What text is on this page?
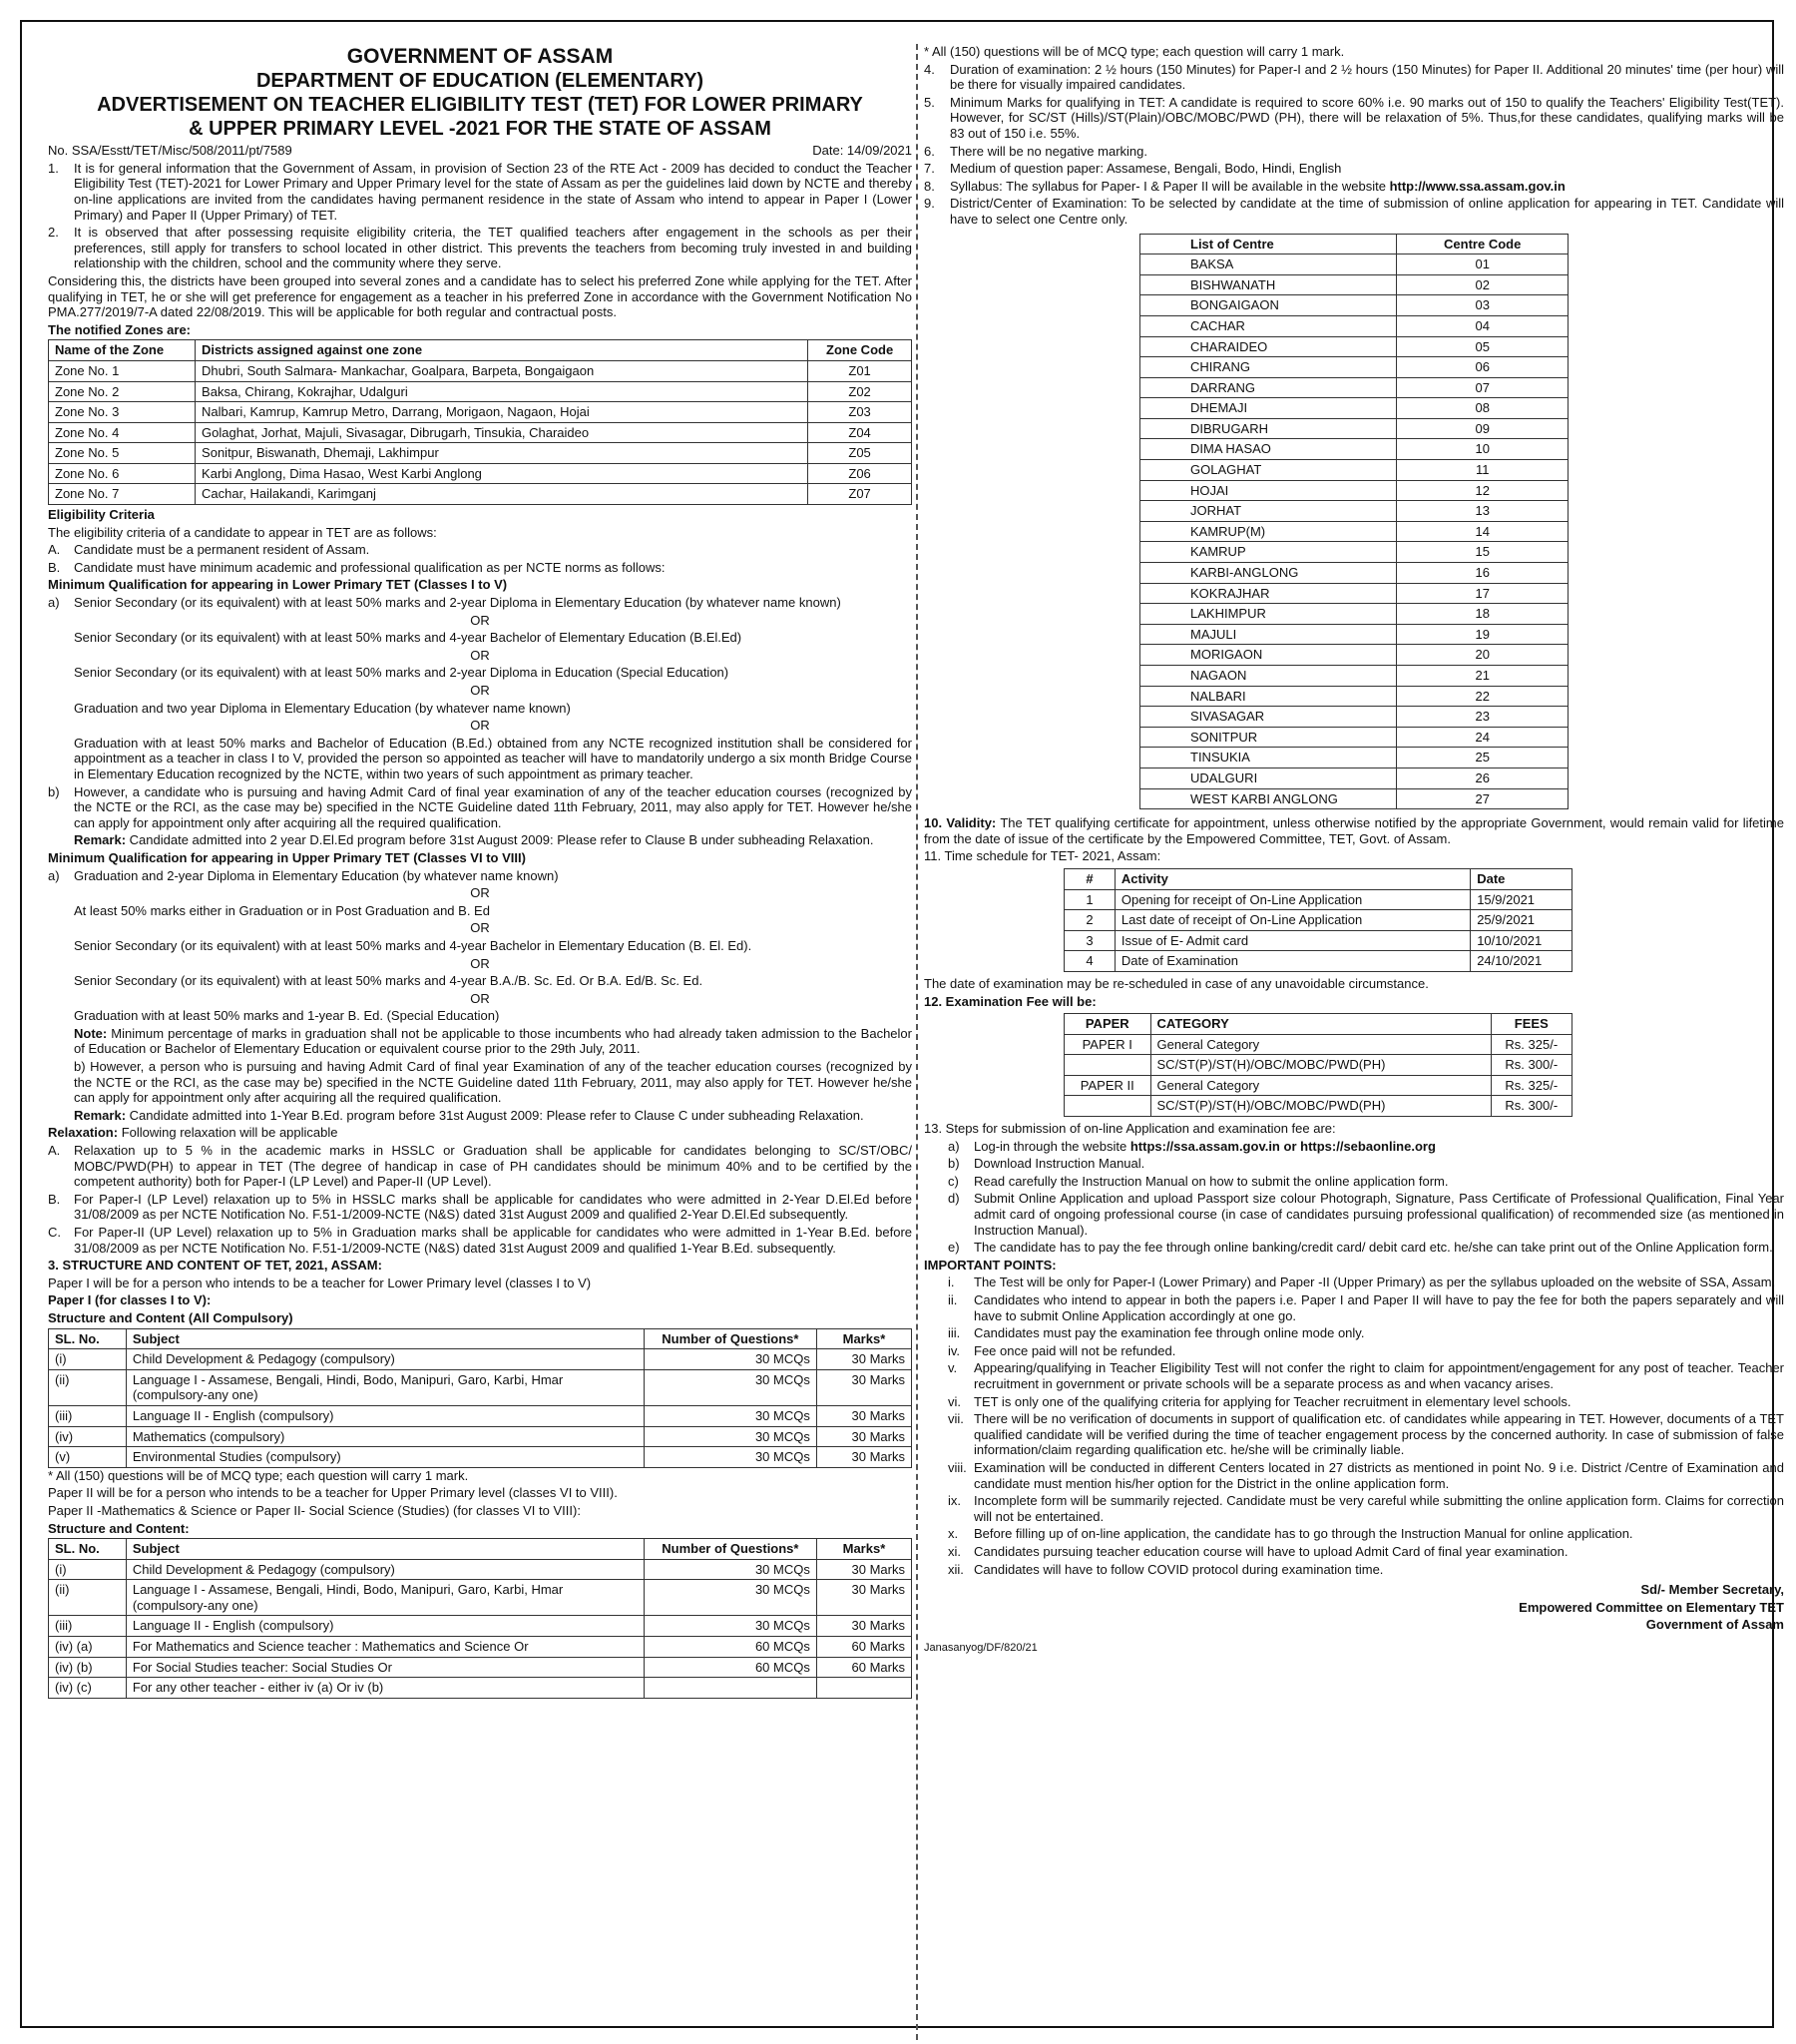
GOVERNMENT OF ASSAM

DEPARTMENT OF EDUCATION (ELEMENTARY)

ADVERTISEMENT ON TEACHER ELIGIBILITY TEST (TET) FOR LOWER PRIMARY

& UPPER PRIMARY LEVEL -2021 FOR THE STATE OF ASSAM

No. SSA/Esstt/TET/Misc/508/2011/pt/7589	Date: 14/09/2021
1.	It is for general information that the Government of Assam, in provision of Section 23 of the RTE Act - 2009 has decided to conduct the Teacher Eligibility Test (TET)-2021 for Lower Primary and Upper Primary level for the state of Assam as per the guidelines laid down by NCTE and thereby on-line applications are invited from the candidates having permanent residence in the state of Assam who intend to appear in Paper I (Lower Primary) and Paper II (Upper Primary) of TET.
2.	It is observed that after possessing requisite eligibility criteria, the TET qualified teachers after engagement in the schools as per their preferences, still apply for transfers to school located in other district. This prevents the teachers from becoming truly invested in and building relationship with the children, school and the community where they serve.

Considering this, the districts have been grouped into several zones and a candidate has to select his preferred Zone while applying for the TET. After qualifying in TET, he or she will get preference for engagement as a teacher in his preferred Zone in accordance with the Government Notification No PMA.277/2019/7-A dated 22/08/2019. This will be applicable for both regular and contractual posts.

The notified Zones are:

Name of the Zone	Districts assigned against one zone	Zone Code
Zone No. 1	Dhubri, South Salmara- Mankachar, Goalpara, Barpeta, Bongaigaon	Z01
Zone No. 2	Baksa, Chirang, Kokrajhar, Udalguri	Z02
Zone No. 3	Nalbari, Kamrup, Kamrup Metro, Darrang, Morigaon, Nagaon, Hojai	Z03
Zone No. 4	Golaghat, Jorhat, Majuli, Sivasagar, Dibrugarh, Tinsukia, Charaideo	Z04
Zone No. 5	Sonitpur, Biswanath, Dhemaji, Lakhimpur	Z05
Zone No. 6	Karbi Anglong, Dima Hasao, West Karbi Anglong	Z06
Zone No. 7	Cachar, Hailakandi, Karimganj	Z07

Eligibility Criteria

The eligibility criteria of a candidate to appear in TET are as follows:

A.	Candidate must be a permanent resident of Assam.
B.	Candidate must have minimum academic and professional qualification as per NCTE norms as follows:

Minimum Qualification for appearing in Lower Primary TET (Classes I to V)

a)	Senior Secondary (or its equivalent) with at least 50% marks and 2-year Diploma in Elementary Education (by whatever name known)

OR

Senior Secondary (or its equivalent) with at least 50% marks and 4-year Bachelor of Elementary Education (B.El.Ed)

OR

Senior Secondary (or its equivalent) with at least 50% marks and 2-year Diploma in Education (Special Education)

OR

Graduation and two year Diploma in Elementary Education (by whatever name known)

OR

Graduation with at least 50% marks and Bachelor of Education (B.Ed.) obtained from any NCTE recognized institution shall be considered for appointment as a teacher in class I to V, provided the person so appointed as teacher will have to mandatorily undergo a six month Bridge Course in Elementary Education recognized by the NCTE, within two years of such appointment as primary teacher.

b)	However, a candidate who is pursuing and having Admit Card of final year examination of any of the teacher education courses (recognized by the NCTE or the RCI, as the case may be) specified in the NCTE Guideline dated 11th February, 2011, may also apply for TET. However he/she can apply for appointment only after acquiring all the required qualification.

Remark: Candidate admitted into 2 year D.El.Ed program before 31st August 2009: Please refer to Clause B under subheading Relaxation.

Minimum Qualification for appearing in Upper Primary TET (Classes VI to VIII)

a)	Graduation and 2-year Diploma in Elementary Education (by whatever name known)

OR

At least 50% marks either in Graduation or in Post Graduation and B. Ed

OR

Senior Secondary (or its equivalent) with at least 50% marks and 4-year Bachelor in Elementary Education (B. El. Ed).

OR

Senior Secondary (or its equivalent) with at least 50% marks and 4-year B.A./B. Sc. Ed. Or B.A. Ed/B. Sc. Ed.

OR

Graduation with at least 50% marks and 1-year B. Ed. (Special Education)

Note: Minimum percentage of marks in graduation shall not be applicable to those incumbents who had already taken admission to the Bachelor of Education or Bachelor of Elementary Education or equivalent course prior to the 29th July, 2011.

b) However, a person who is pursuing and having Admit Card of final year Examination of any of the teacher education courses (recognized by the NCTE or the RCI, as the case may be) specified in the NCTE Guideline dated 11th February, 2011, may also apply for TET. However he/she can apply for appointment only after acquiring all the required qualification.

Remark: Candidate admitted into 1-Year B.Ed. program before 31st August 2009: Please refer to Clause C under subheading Relaxation.

Relaxation: Following relaxation will be applicable

A.	Relaxation up to 5 % in the academic marks in HSSLC or Graduation shall be applicable for candidates belonging to SC/ST/OBC/ MOBC/PWD(PH) to appear in TET (The degree of handicap in case of PH candidates should be minimum 40% and to be certified by the competent authority) both for Paper-I (LP Level) and Paper-II (UP Level).
B.	For Paper-I (LP Level) relaxation up to 5% in HSSLC marks shall be applicable for candidates who were admitted in 2-Year D.El.Ed before 31/08/2009 as per NCTE Notification No. F.51-1/2009-NCTE (N&S) dated 31st August 2009 and qualified 2-Year D.El.Ed subsequently.
C.	For Paper-II (UP Level) relaxation up to 5% in Graduation marks shall be applicable for candidates who were admitted in 1-Year B.Ed. before 31/08/2009 as per NCTE Notification No. F.51-1/2009-NCTE (N&S) dated 31st August 2009 and qualified 1-Year B.Ed. subsequently.

3. STRUCTURE AND CONTENT OF TET, 2021, ASSAM:

Paper I will be for a person who intends to be a teacher for Lower Primary level (classes I to V)

Paper I (for classes I to V):

Structure and Content (All Compulsory)

SL. No.	Subject	Number of Questions*	Marks*
(i)	Child Development & Pedagogy (compulsory)	30 MCQs	30 Marks
(ii)	Language I - Assamese, Bengali, Hindi, Bodo, Manipuri, Garo, Karbi, Hmar (compulsory-any one)	30 MCQs	30 Marks
(iii)	Language II - English (compulsory)	30 MCQs	30 Marks
(iv)	Mathematics (compulsory)	30 MCQs	30 Marks
(v)	Environmental Studies (compulsory)	30 MCQs	30 Marks

* All (150) questions will be of MCQ type; each question will carry 1 mark.

Paper II will be for a person who intends to be a teacher for Upper Primary level (classes VI to VIII).

Paper II -Mathematics & Science or Paper II- Social Science (Studies) (for classes VI to VIII):

Structure and Content:

SL. No.	Subject	Number of Questions*	Marks*
(i)	Child Development & Pedagogy (compulsory)	30 MCQs	30 Marks
(ii)	Language I - Assamese, Bengali, Hindi, Bodo, Manipuri, Garo, Karbi, Hmar (compulsory-any one)	30 MCQs	30 Marks
(iii)	Language II - English (compulsory)	30 MCQs	30 Marks
(iv) (a)	For Mathematics and Science teacher : Mathematics and Science Or	60 MCQs	60 Marks
(iv) (b)	For Social Studies teacher: Social Studies Or	60 MCQs	60 Marks
(iv) (c)	For any other teacher - either iv (a) Or iv (b)		

* All (150) questions will be of MCQ type; each question will carry 1 mark.

4.	Duration of examination: 2 ½ hours (150 Minutes) for Paper-I and 2 ½ hours (150 Minutes) for Paper II. Additional 20 minutes' time (per hour) will be there for visually impaired candidates.
5.	Minimum Marks for qualifying in TET: A candidate is required to score 60% i.e. 90 marks out of 150 to qualify the Teachers' Eligibility Test(TET). However, for SC/ST (Hills)/ST(Plain)/OBC/MOBC/PWD (PH), there will be relaxation of 5%. Thus,for these candidates, qualifying marks will be 83 out of 150 i.e. 55%.
6.	There will be no negative marking.
7.	Medium of question paper: Assamese, Bengali, Bodo, Hindi, English
8.	Syllabus: The syllabus for Paper- I & Paper II will be available in the website http://www.ssa.assam.gov.in
9.	District/Center of Examination: To be selected by candidate at the time of submission of online application for appearing in TET. Candidate will have to select one Centre only.
List of Centre	Centre Code
BAKSA	01
BISHWANATH	02
BONGAIGAON	03
CACHAR	04
CHARAIDEO	05
CHIRANG	06
DARRANG	07
DHEMAJI	08
DIBRUGARH	09
DIMA HASAO	10
GOLAGHAT	11
HOJAI	12
JORHAT	13
KAMRUP(M)	14
KAMRUP	15
KARBI-ANGLONG	16
KOKRAJHAR	17
LAKHIMPUR	18
MAJULI	19
MORIGAON	20
NAGAON	21
NALBARI	22
SIVASAGAR	23
SONITPUR	24
TINSUKIA	25
UDALGURI	26
WEST KARBI ANGLONG	27

10. Validity: The TET qualifying certificate for appointment, unless otherwise notified by the appropriate Government, would remain valid for lifetime from the date of issue of the certificate by the Empowered Committee, TET, Govt. of Assam.

11. Time schedule for TET- 2021, Assam:

#	Activity	Date
1	Opening for receipt of On-Line Application	15/9/2021
2	Last date of receipt of On-Line Application	25/9/2021
3	Issue of E- Admit card	10/10/2021
4	Date of Examination	24/10/2021

The date of examination may be re-scheduled in case of any unavoidable circumstance.

12. Examination Fee will be:

PAPER	CATEGORY	FEES
PAPER I	General Category	Rs. 325/-
	SC/ST(P)/ST(H)/OBC/MOBC/PWD(PH)	Rs. 300/-
PAPER II	General Category	Rs. 325/-
	SC/ST(P)/ST(H)/OBC/MOBC/PWD(PH)	Rs. 300/-

13. Steps for submission of on-line Application and examination fee are:

a)	Log-in through the website https://ssa.assam.gov.in or https://sebaonline.org
b)	Download Instruction Manual.
c)	Read carefully the Instruction Manual on how to submit the online application form.
d)	Submit Online Application and upload Passport size colour Photograph, Signature, Pass Certificate of Professional Qualification, Final Year admit card of ongoing professional course (in case of candidates pursuing professional qualification) of recommended size (as mentioned in Instruction Manual).
e)	The candidate has to pay the fee through online banking/credit card/ debit card etc. he/she can take print out of the Online Application form.

IMPORTANT POINTS:

i.	The Test will be only for Paper-I (Lower Primary) and Paper -II (Upper Primary) as per the syllabus uploaded on the website of SSA, Assam.
ii.	Candidates who intend to appear in both the papers i.e. Paper I and Paper II will have to pay the fee for both the papers separately and will have to submit Online Application accordingly at one go.
iii.	Candidates must pay the examination fee through online mode only.
iv.	Fee once paid will not be refunded.
v.	Appearing/qualifying in Teacher Eligibility Test will not confer the right to claim for appointment/engagement for any post of teacher. Teacher recruitment in government or private schools will be a separate process as and when vacancy arises.
vi.	TET is only one of the qualifying criteria for applying for Teacher recruitment in elementary level schools.
vii. There will be no verification of documents in support of qualification etc. of candidates while appearing in TET. However, documents of a TET qualified candidate will be verified during the time of teacher engagement process by the concerned authority. In case of submission of false information/claim regarding qualification etc. he/she will be criminally liable.
viii. Examination will be conducted in different Centers located in 27 districts as mentioned in point No. 9 i.e. District /Centre of Examination and candidate must mention his/her option for the District in the online application form.
ix.	Incomplete form will be summarily rejected. Candidate must be very careful while submitting the online application form. Claims for correction will not be entertained.
x.	Before filling up of on-line application, the candidate has to go through the Instruction Manual for online application.
xi.	Candidates pursuing teacher education course will have to upload Admit Card of final year examination.
xii. Candidates will have to follow COVID protocol during examination time.
Sd/- Member Secretary,
Empowered Committee on Elementary TET
Government of Assam
Janasanyog/DF/820/21
